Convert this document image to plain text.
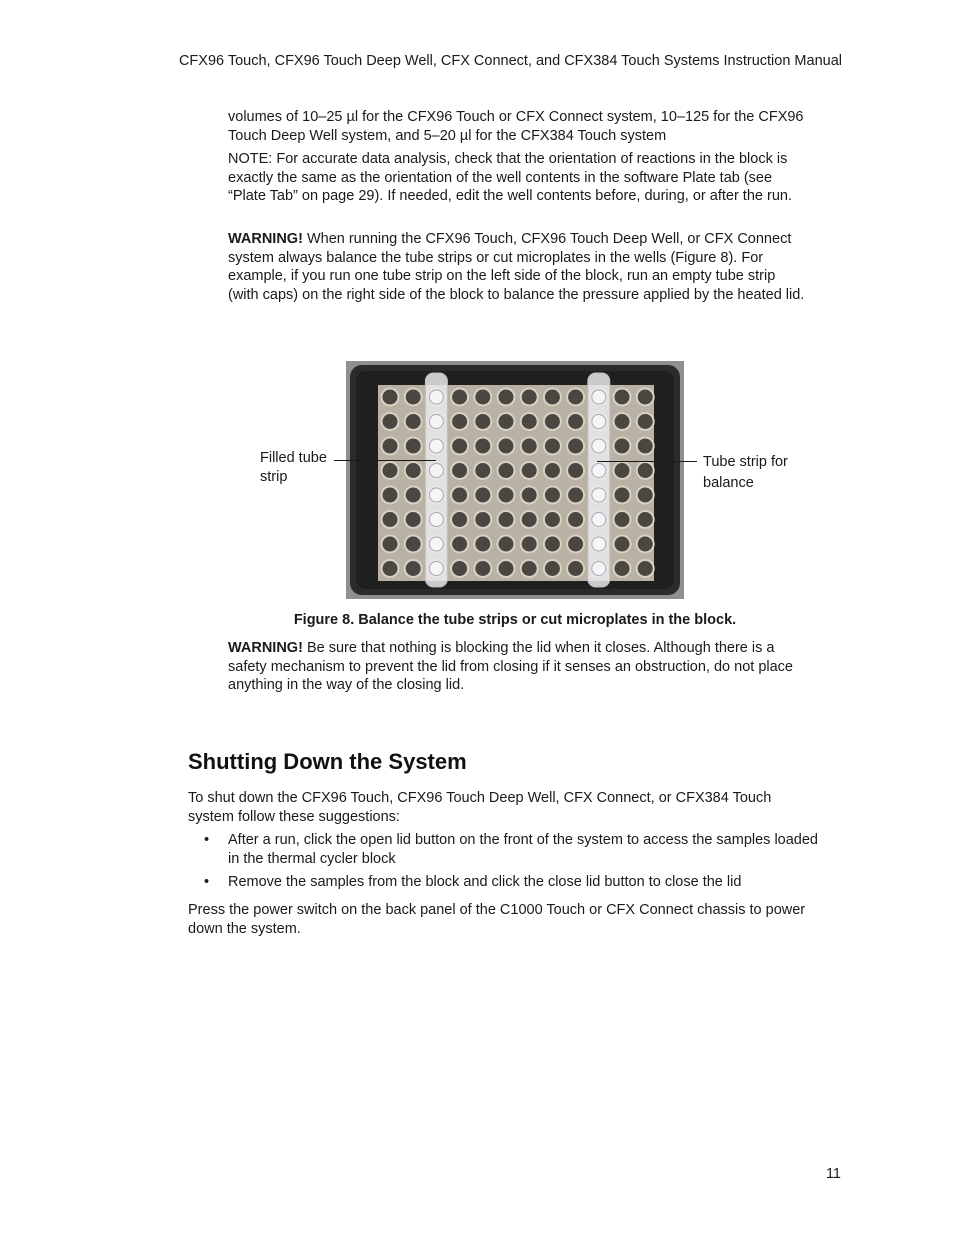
CFX96 Touch, CFX96 Touch Deep Well, CFX Connect, and CFX384 Touch Systems Instruction Manual

volumes of 10–25 µl for the CFX96 Touch or CFX Connect system, 10–125 for the CFX96 Touch Deep Well system, and 5–20 µl for the CFX384 Touch system

NOTE: For accurate data analysis, check that the orientation of reactions in the block is exactly the same as the orientation of the well contents in the software Plate tab (see “Plate Tab” on page 29). If needed, edit the well contents before, during, or after the run.

WARNING! When running the CFX96 Touch, CFX96 Touch Deep Well, or CFX Connect system always balance the tube strips or cut microplates in the wells (Figure 8). For example, if you run one tube strip on the left side of the block, run an empty tube strip (with caps) on the right side of the block to balance the pressure applied by the heated lid.

Filled tube strip
Tube strip for balance
Figure 8. Balance the tube strips or cut microplates in the block.

WARNING! Be sure that nothing is blocking the lid when it closes. Although there is a safety mechanism to prevent the lid from closing if it senses an obstruction, do not place anything in the way of the closing lid.

Shutting Down the System

To shut down the CFX96 Touch, CFX96 Touch Deep Well, CFX Connect, or CFX384 Touch system follow these suggestions:

• After a run, click the open lid button on the front of the system to access the samples loaded in the thermal cycler block
• Remove the samples from the block and click the close lid button to close the lid

Press the power switch on the back panel of the C1000 Touch or CFX Connect chassis to power down the system.

11
